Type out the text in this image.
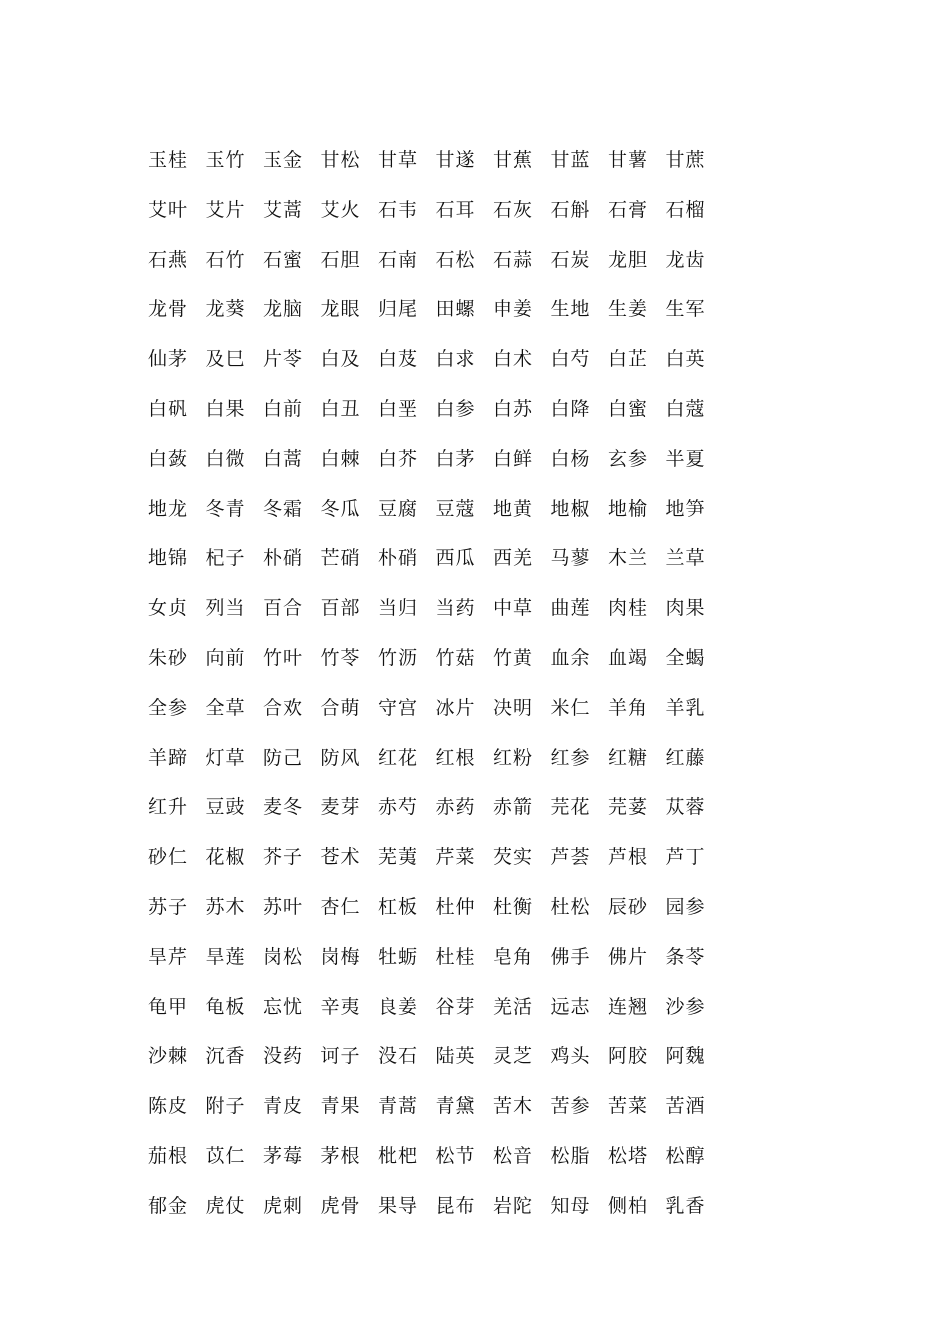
玉桂 玉竹 玉金 甘松 甘草 甘遂 甘蕉 甘蓝 甘薯 甘蔗
艾叶 艾片 艾蒿 艾火 石韦 石耳 石灰 石斛 石膏 石榴
石燕 石竹 石蜜 石胆 石南 石松 石蒜 石炭 龙胆 龙齿
龙骨 龙葵 龙脑 龙眼 归尾 田螺 申姜 生地 生姜 生军
仙茅 及巳 片苓 白及 白芨 白求 白术 白芍 白芷 白英
白矾 白果 白前 白丑 白垩 白参 白苏 白降 白蜜 白蔻
白蔹 白微 白蒿 白棘 白芥 白茅 白鲜 白杨 玄参 半夏
地龙 冬青 冬霜 冬瓜 豆腐 豆蔻 地黄 地椒 地榆 地笋
地锦 杞子 朴硝 芒硝 朴硝 西瓜 西羌 马蓼 木兰 兰草
女贞 列当 百合 百部 当归 当药 中草 曲莲 肉桂 肉果
朱砂 向前 竹叶 竹苓 竹沥 竹菇 竹黄 血余 血竭 全蝎
全参 全草 合欢 合萌 守宫 冰片 决明 米仁 羊角 羊乳
羊蹄 灯草 防己 防风 红花 红根 红粉 红参 红糖 红藤
红升 豆豉 麦冬 麦芽 赤芍 赤药 赤箭 芫花 芫荽 苁蓉
砂仁 花椒 芥子 苍术 芜荑 芹菜 芡实 芦荟 芦根 芦丁
苏子 苏木 苏叶 杏仁 杠板 杜仲 杜衡 杜松 辰砂 园参
旱芹 旱莲 岗松 岗梅 牡蛎 杜桂 皂角 佛手 佛片 条苓
龟甲 龟板 忘忧 辛夷 良姜 谷芽 羌活 远志 连翘 沙参
沙棘 沉香 没药 诃子 没石 陆英 灵芝 鸡头 阿胶 阿魏
陈皮 附子 青皮 青果 青蒿 青黛 苦木 苦参 苦菜 苦酒
茄根 苡仁 茅莓 茅根 枇杷 松节 松音 松脂 松塔 松醇
郁金 虎仗 虎刺 虎骨 果导 昆布 岩陀 知母 侧柏 乳香
